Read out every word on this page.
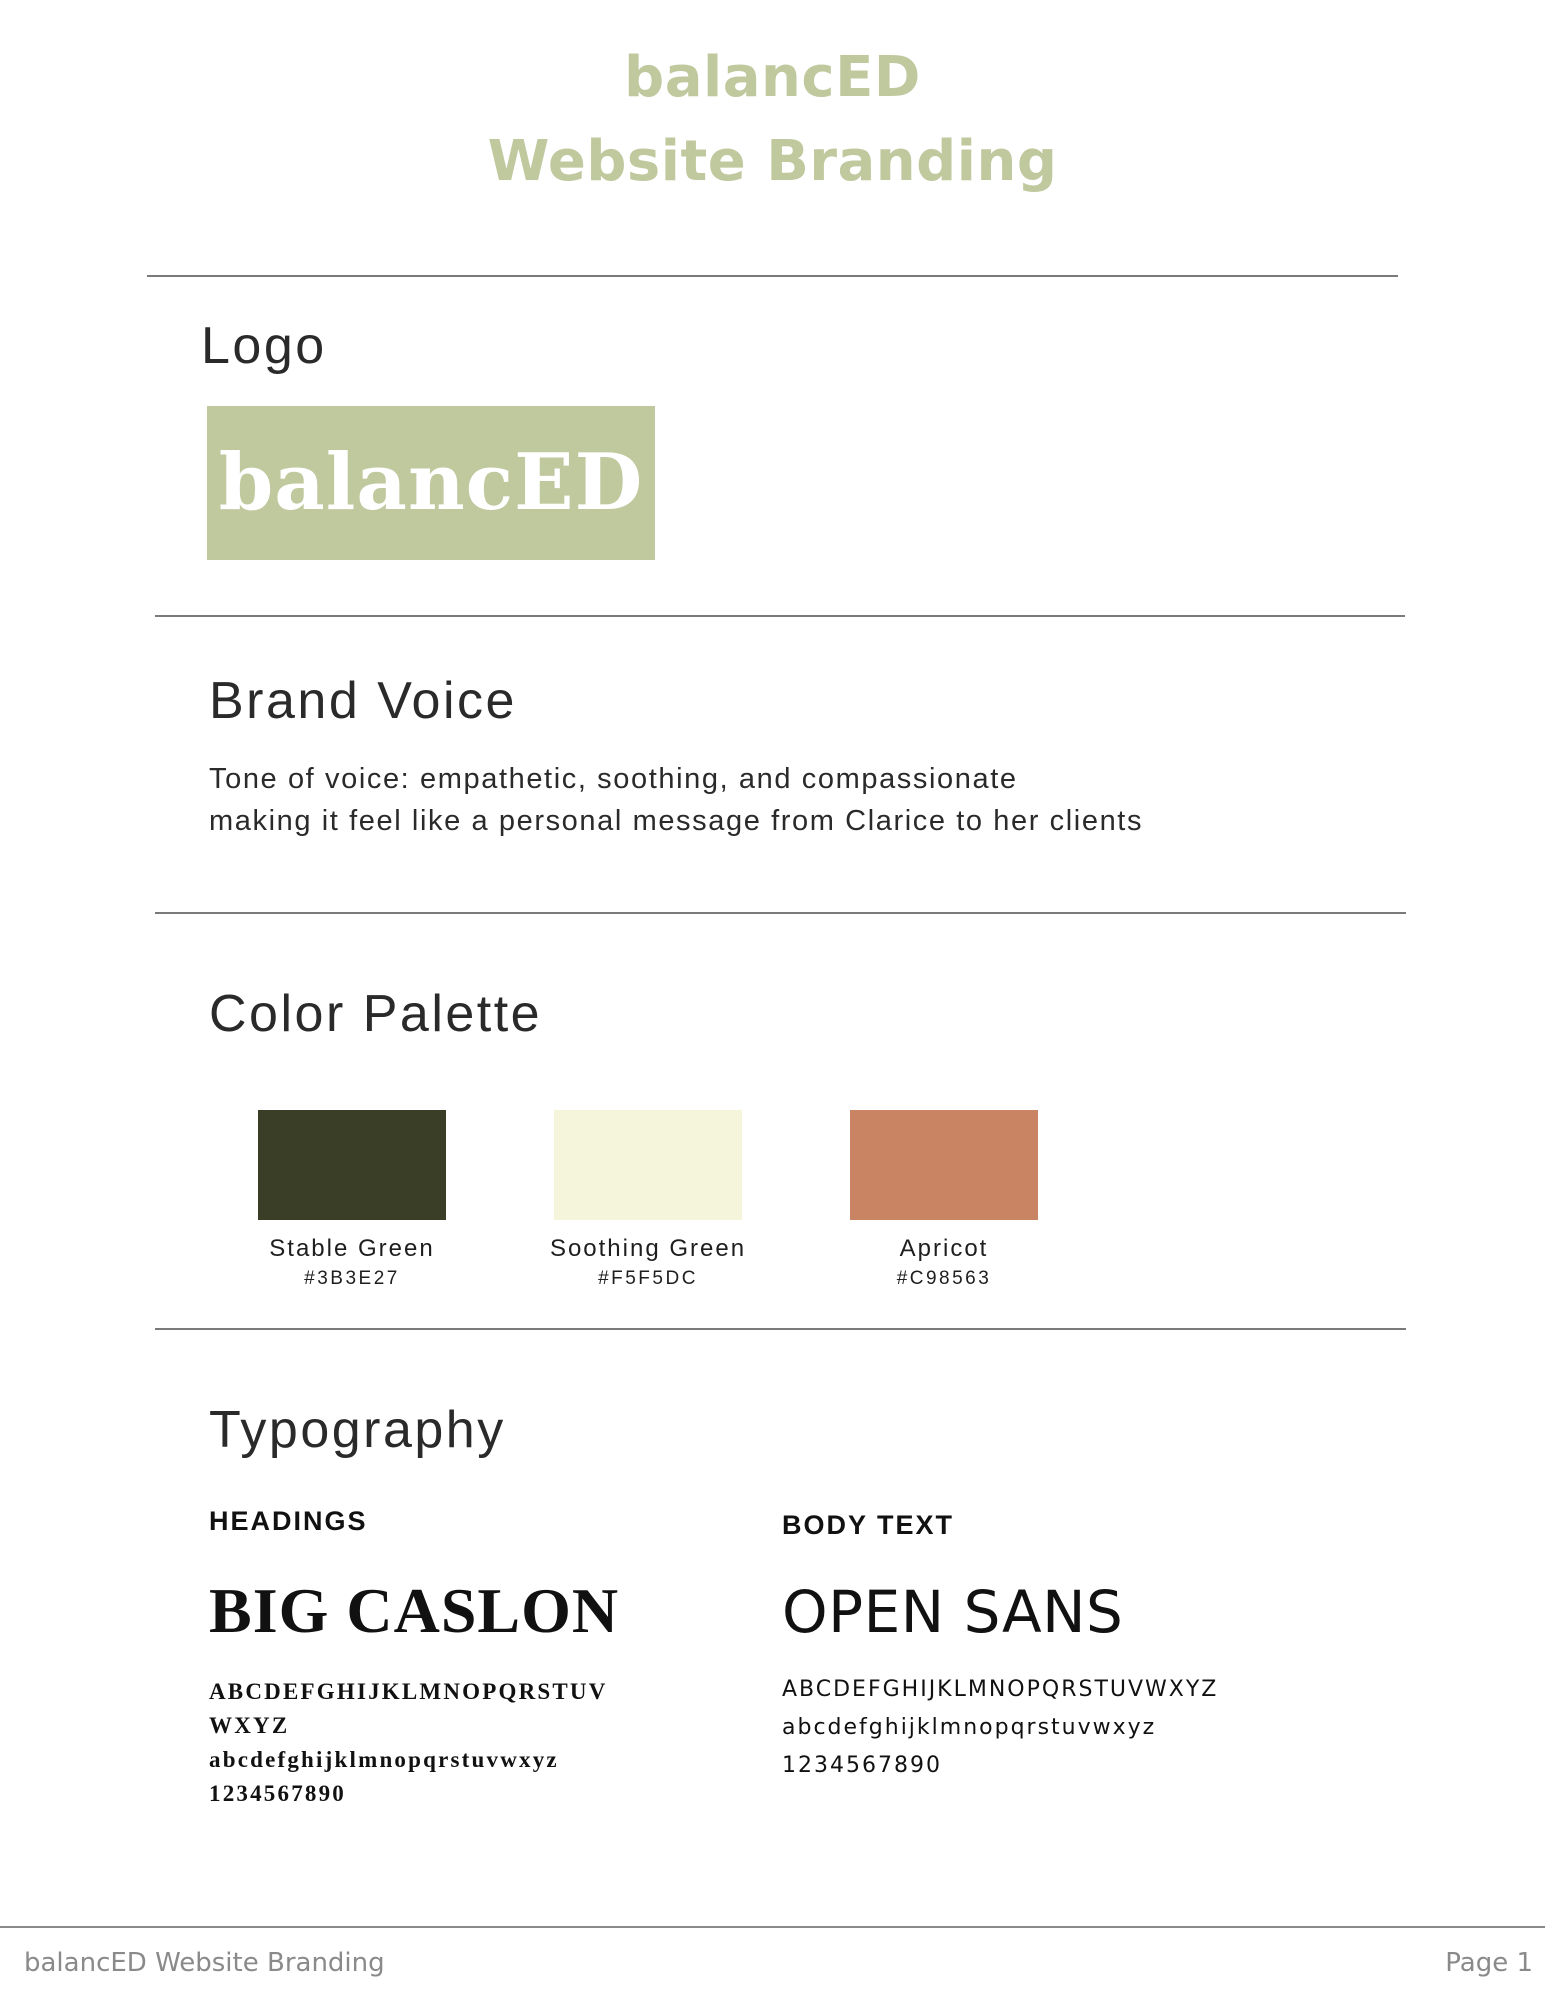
balancED
Website Branding
Logo
balancED
Brand Voice
Tone of voice: empathetic, soothing, and compassionate
making it feel like a personal message from Clarice to her clients
Color Palette
Stable Green
#3B3E27
Soothing Green
#F5F5DC
Apricot
#C98563
Typography
HEADINGS
BIG CASLON
ABCDEFGHIJKLMNOPQRSTUV
WXYZ
abcdefghijklmnopqrstuvwxyz
1234567890
BODY TEXT
OPEN SANS
ABCDEFGHIJKLMNOPQRSTUVWXYZ
abcdefghijklmnopqrstuvwxyz
1234567890
balancED Website Branding	Page 1
